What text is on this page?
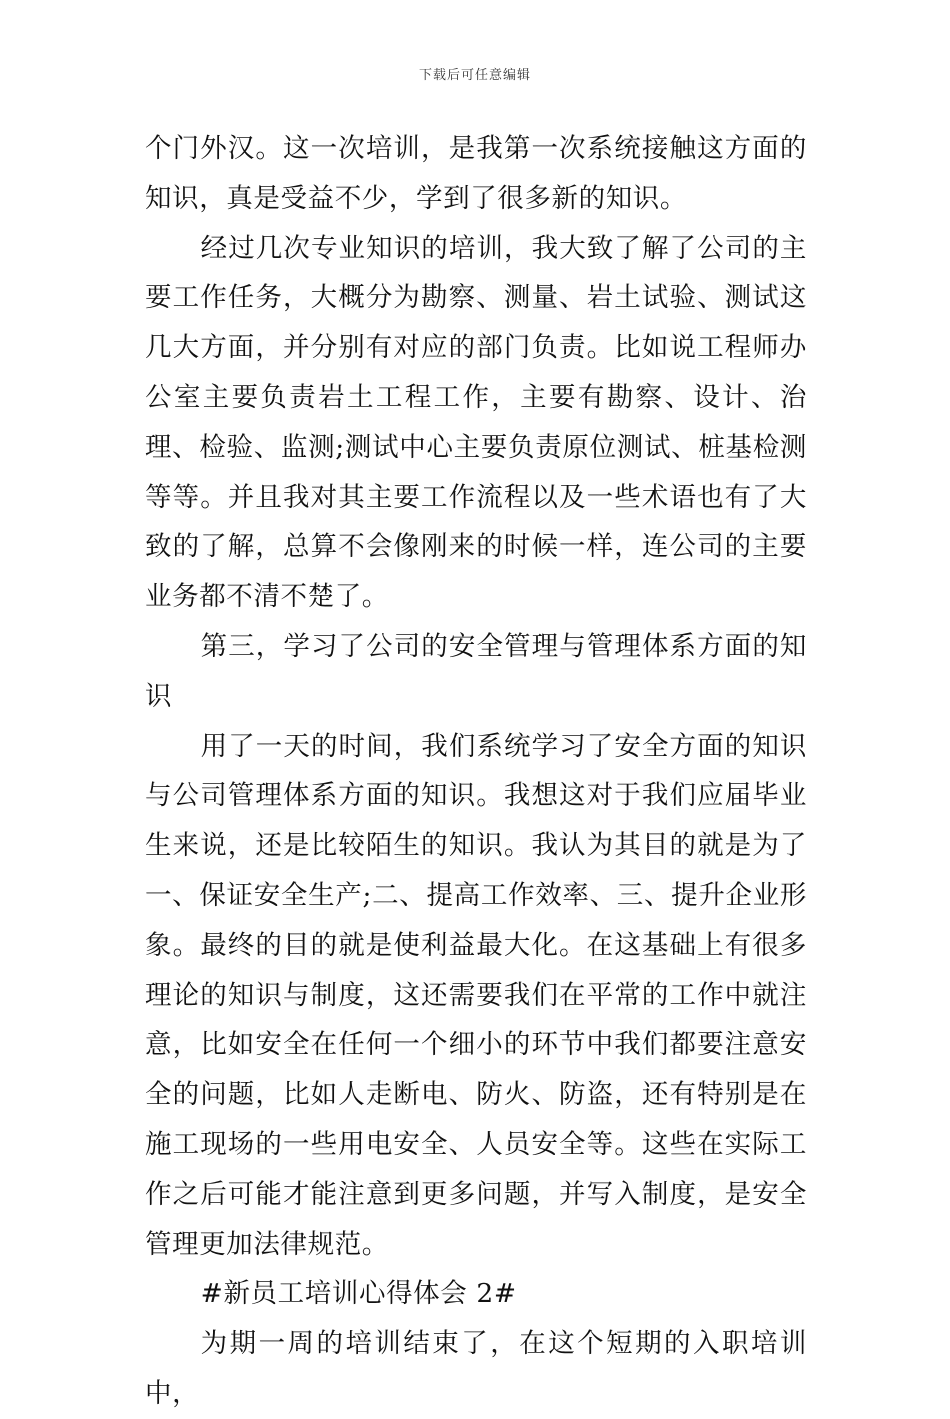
下载后可任意编辑

个门外汉。这一次培训，是我第一次系统接触这方面的知识，真是受益不少，学到了很多新的知识。

经过几次专业知识的培训，我大致了解了公司的主要工作任务，大概分为勘察、测量、岩土试验、测试这几大方面，并分别有对应的部门负责。比如说工程师办公室主要负责岩土工程工作，主要有勘察、设计、治理、检验、监测;测试中心主要负责原位测试、桩基检测等等。并且我对其主要工作流程以及一些术语也有了大致的了解，总算不会像刚来的时候一样，连公司的主要业务都不清不楚了。

第三，学习了公司的安全管理与管理体系方面的知识

用了一天的时间，我们系统学习了安全方面的知识与公司管理体系方面的知识。我想这对于我们应届毕业生来说，还是比较陌生的知识。我认为其目的就是为了一、保证安全生产;二、提高工作效率、三、提升企业形象。最终的目的就是使利益最大化。在这基础上有很多理论的知识与制度，这还需要我们在平常的工作中就注意，比如安全在任何一个细小的环节中我们都要注意安全的问题，比如人走断电、防火、防盗，还有特别是在施工现场的一些用电安全、人员安全等。这些在实际工作之后可能才能注意到更多问题，并写入制度，是安全管理更加法律规范。

#新员工培训心得体会 2#

为期一周的培训结束了，在这个短期的入职培训中，
